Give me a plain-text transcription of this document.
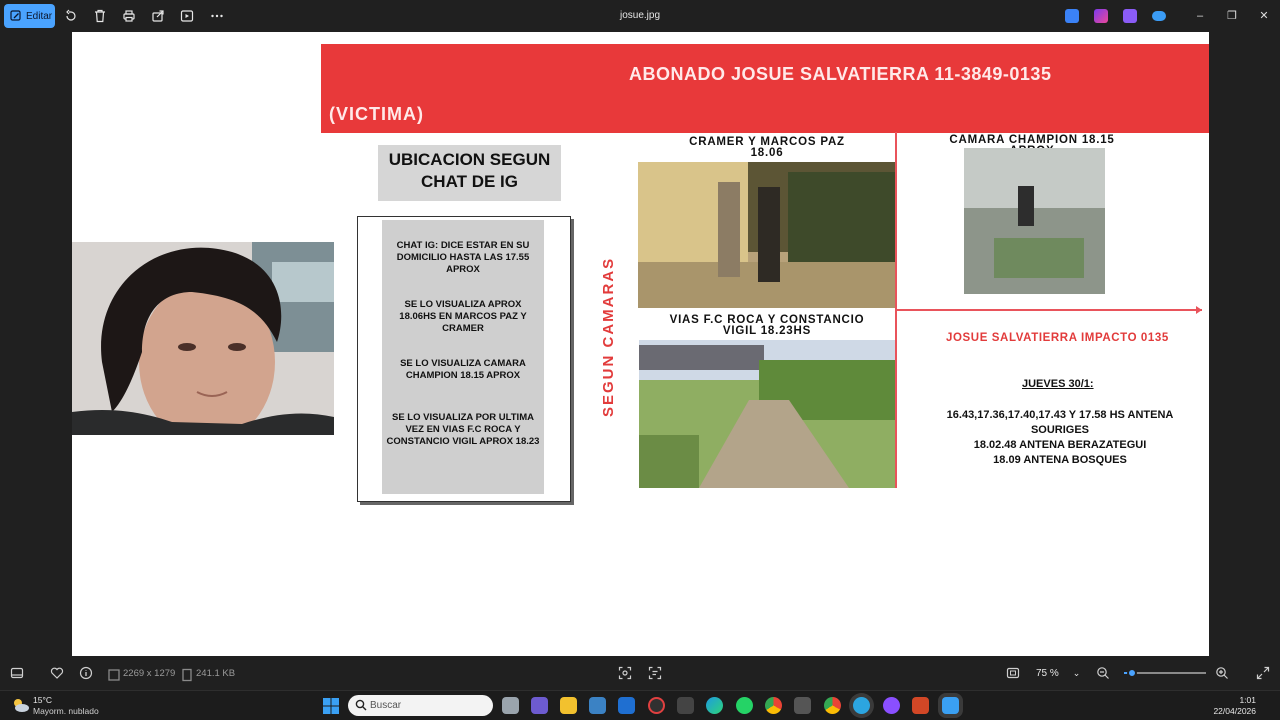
Editar	josue.jpg	–	❐	✕
ABONADO JOSUE SALVATIERRA 11-3849-0135
(VICTIMA)
UBICACION SEGUN CHAT DE IG

CHAT IG: DICE ESTAR EN SU DOMICILIO HASTA LAS 17.55 APROX

SE LO VISUALIZA APROX 18.06HS EN MARCOS PAZ Y CRAMER

SE LO VISUALIZA CAMARA CHAMPION 18.15 APROX

SE LO VISUALIZA POR ULTIMA VEZ EN VIAS F.C ROCA Y CONSTANCIO VIGIL APROX 18.23

SEGUN CAMARAS
CRAMER Y MARCOS PAZ 18.06
CAMARA CHAMPION 18.15
VIAS F.C ROCA Y CONSTANCIO VIGIL 18.23HS
JOSUE SALVATIERRA IMPACTO 0135
JUEVES 30/1:
16.43,17.36,17.40,17.43 Y 17.58 HS ANTENA SOURIGES
18.02.48 ANTENA BERAZATEGUI
18.09 ANTENA BOSQUES
2269 x 1279 241.1 KB	75 % ⌄
15°C
Mayorm. nublado	Buscar	1:01
22/04/2026
